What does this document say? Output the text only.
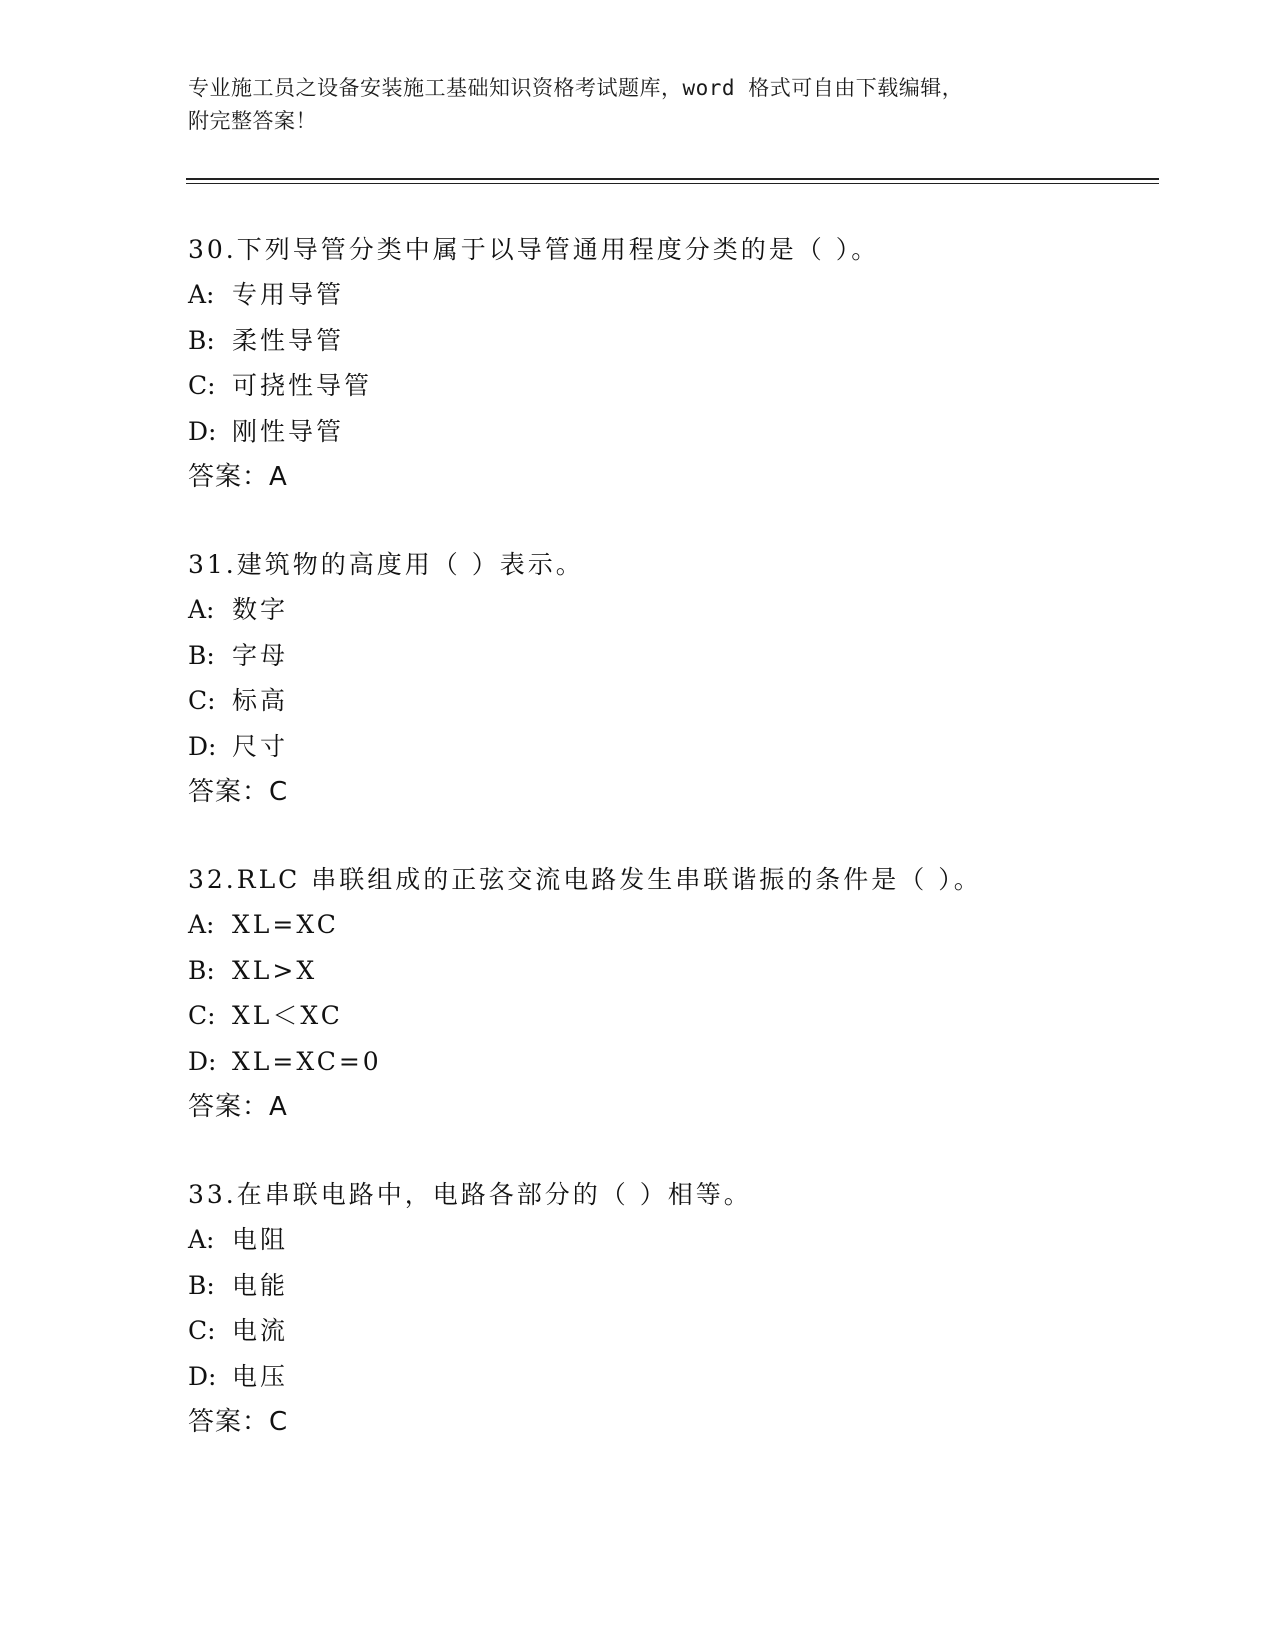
专业施工员之设备安装施工基础知识资格考试题库，word 格式可自由下载编辑，
附完整答案！
30.下列导管分类中属于以导管通用程度分类的是（ ）。
A: 专用导管
B: 柔性导管
C: 可挠性导管
D: 刚性导管
答案：A
31.建筑物的高度用（ ）表示。
A: 数字
B: 字母
C: 标高
D: 尺寸
答案：C
32.RLC 串联组成的正弦交流电路发生串联谐振的条件是（ ）。
A: XL=XC
B: XL>X
C: XL＜XC
D: XL=XC=0
答案：A
33.在串联电路中，电路各部分的（ ）相等。
A: 电阻
B: 电能
C: 电流
D: 电压
答案：C
